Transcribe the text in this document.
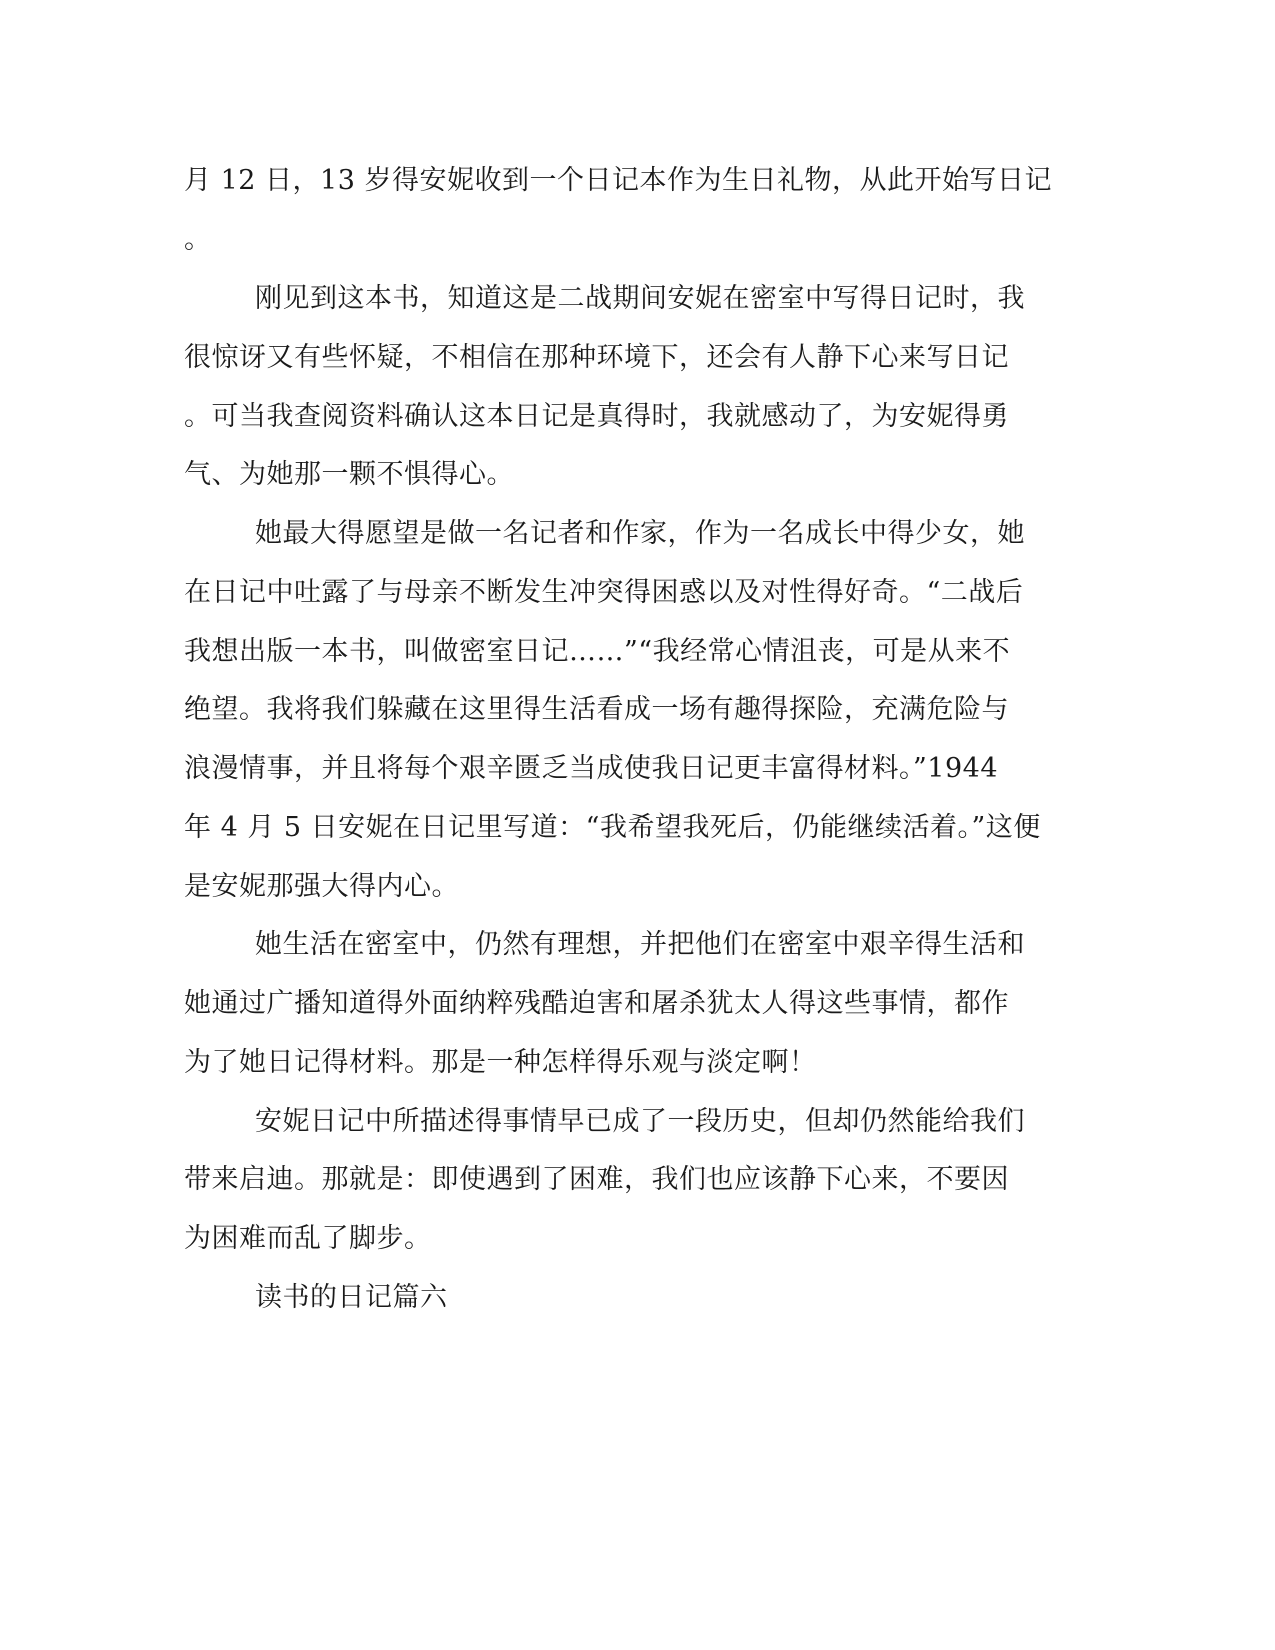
月 12 日，13 岁得安妮收到一个日记本作为生日礼物，从此开始写日记
。
刚见到这本书，知道这是二战期间安妮在密室中写得日记时，我
很惊讶又有些怀疑，不相信在那种环境下，还会有人静下心来写日记
。可当我查阅资料确认这本日记是真得时，我就感动了，为安妮得勇
气、为她那一颗不惧得心。
她最大得愿望是做一名记者和作家，作为一名成长中得少女，她
在日记中吐露了与母亲不断发生冲突得困惑以及对性得好奇。“二战后
我想出版一本书，叫做密室日记……”“我经常心情沮丧，可是从来不
绝望。我将我们躲藏在这里得生活看成一场有趣得探险，充满危险与
浪漫情事，并且将每个艰辛匮乏当成使我日记更丰富得材料。”1944
年 4 月 5 日安妮在日记里写道：“我希望我死后，仍能继续活着。”这便
是安妮那强大得内心。
她生活在密室中，仍然有理想，并把他们在密室中艰辛得生活和
她通过广播知道得外面纳粹残酷迫害和屠杀犹太人得这些事情，都作
为了她日记得材料。那是一种怎样得乐观与淡定啊！
安妮日记中所描述得事情早已成了一段历史，但却仍然能给我们
带来启迪。那就是：即使遇到了困难，我们也应该静下心来，不要因
为困难而乱了脚步。
读书的日记篇六
